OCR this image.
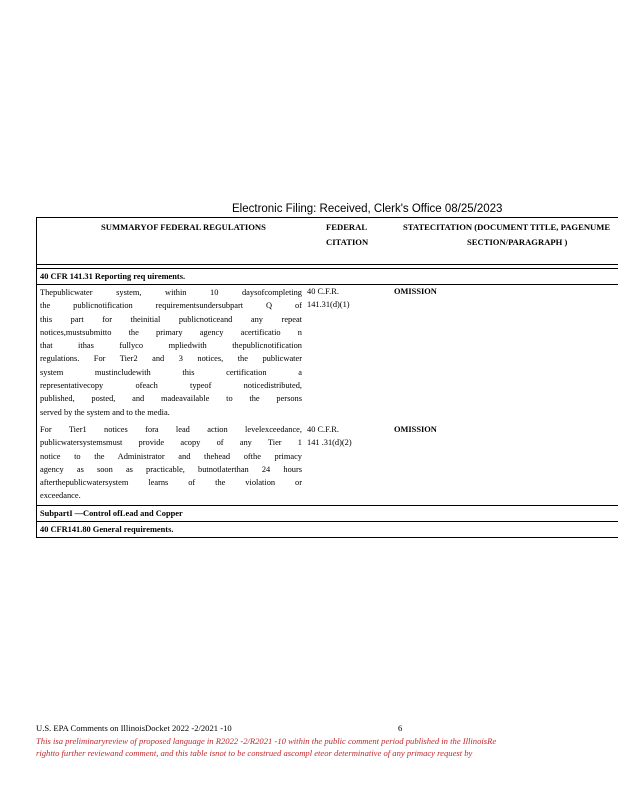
Electronic Filing: Received, Clerk's Office 08/25/2023
SUMMARYOF FEDERAL REGULATIONS	FEDERAL
CITATION
STATECITATION (DOCUMENT TITLE, PAGENUME
SECTION/PARAGRAPH )
40 CFR 141.31 Reporting req uirements.
Thepublicwater system, within 10 daysofcompleting
the publicnotification requirementsundersubpart Q of
this part for theinitial publicnoticeand any repeat
notices,mustsubmitto the primary agency acertificatio n
that ithas fullyco mpliedwith thepublicnotification
regulations. For Tier2 and 3 notices, the publicwater
system mustincludewith this certification a
representativecopy ofeach typeof noticedistributed,
published, posted, and madeavailable to the persons
served by the system and to the media.
40 C.F.R.
141.31(d)(1)
OMISSION
For Tier1 notices fora lead action levelexceedance,
publicwatersystemsmust provide acopy of any Tier 1
notice to the Administrator and thehead ofthe primacy
agency as soon as practicable, butnotlaterthan 24 hours
afterthepublicwatersystem learns of the violation or
exceedance.
40 C.F.R.
141 .31(d)(2)
OMISSION
SubpartI —Control ofLead and Copper
40 CFR141.80 General requirements.
U.S. EPA Comments on IllinoisDocket 2022 -2/2021 -10	6
This isa preliminaryreview of proposed language in R2022 -2/R2021 -10 within the public comment period published in the IllinoisRe
rightto further reviewand comment, and this table isnot to be construed ascompl eteor determinative of any primacy request by
